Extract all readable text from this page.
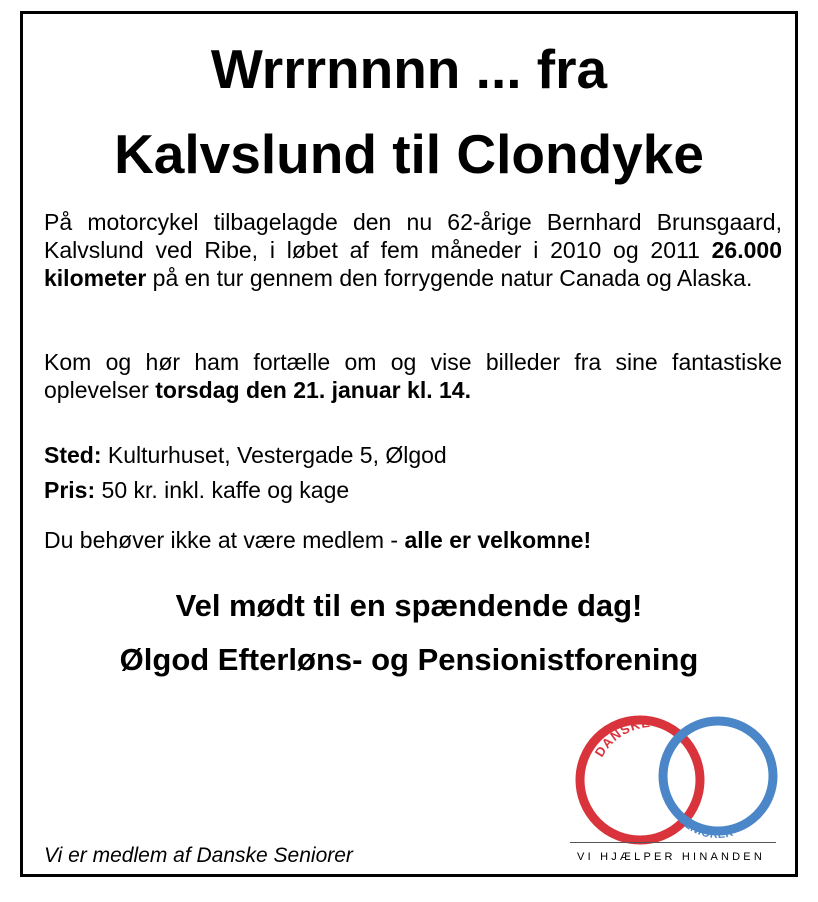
Wrrrnnnn ... fra
Kalvslund til Clondyke

På motorcykel tilbagelagde den nu 62-årige Bernhard Brunsgaard, Kalvslund ved Ribe, i løbet af fem måneder i 2010 og 2011 26.000 kilometer på en tur gennem den forrygende natur Canada og Alaska.

Kom og hør ham fortælle om og vise billeder fra sine fantastiske oplevelser torsdag den 21. januar kl. 14.

Sted: Kulturhuset, Vestergade 5, Ølgod
Pris: 50 kr. inkl. kaffe og kage
Du behøver ikke at være medlem - alle er velkomne!
Vel mødt til en spændende dag!
Ølgod Efterløns- og Pensionistforening
DANSKE
SENIORER
VI HJÆLPER HINANDEN
Vi er medlem af Danske Seniorer
